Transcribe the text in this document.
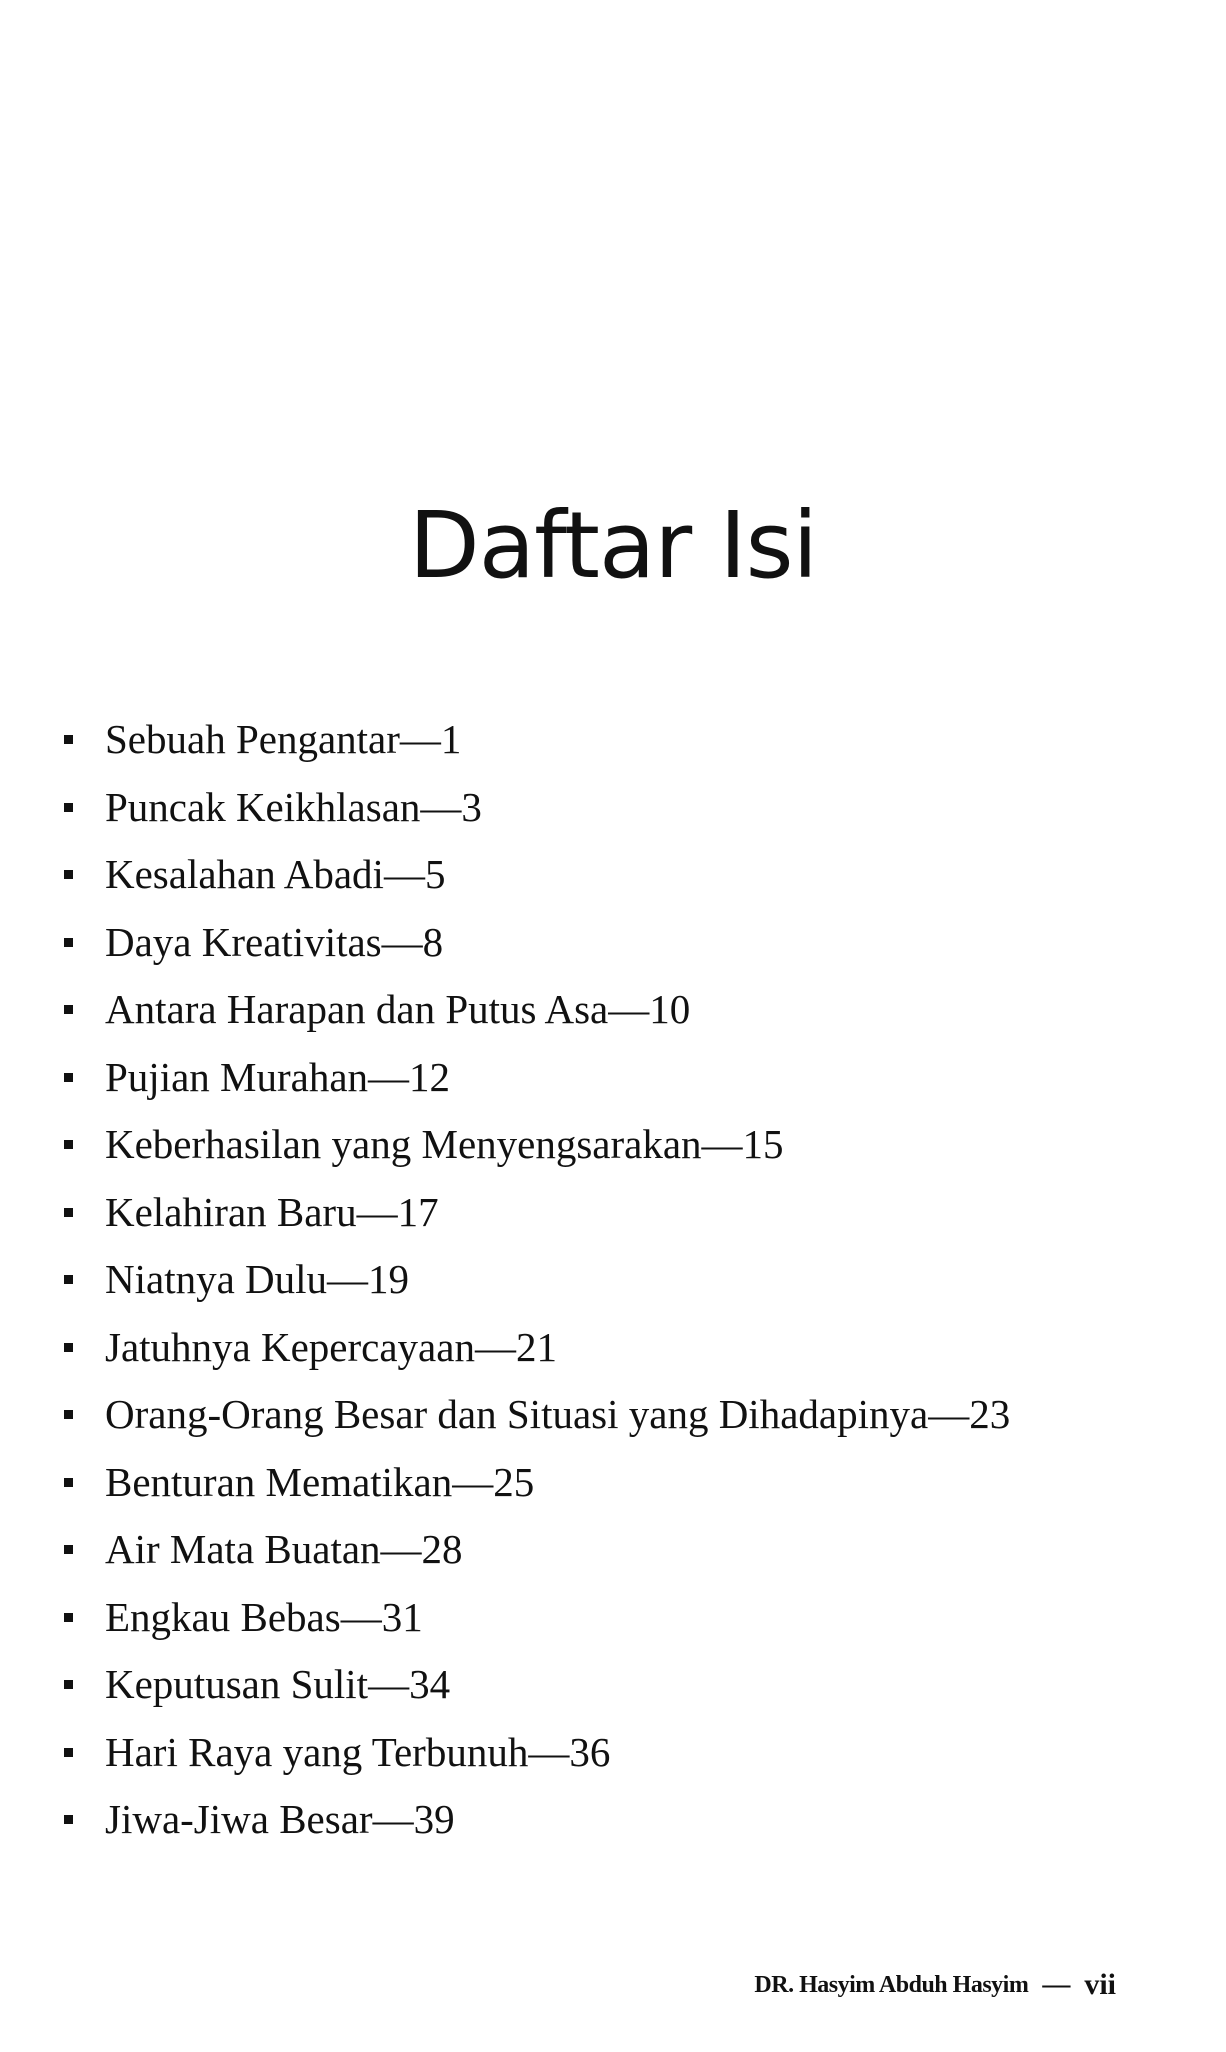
Daftar Isi
Sebuah Pengantar — 1
Puncak Keikhlasan — 3
Kesalahan Abadi — 5
Daya Kreativitas — 8
Antara Harapan dan Putus Asa — 10
Pujian Murahan — 12
Keberhasilan yang Menyengsarakan — 15
Kelahiran Baru — 17
Niatnya Dulu — 19
Jatuhnya Kepercayaan — 21
Orang-Orang Besar dan Situasi yang Dihadapinya — 23
Benturan Mematikan — 25
Air Mata Buatan — 28
Engkau Bebas — 31
Keputusan Sulit — 34
Hari Raya yang Terbunuh — 36
Jiwa-Jiwa Besar — 39
DR. Hasyim Abduh Hasyim — vii
